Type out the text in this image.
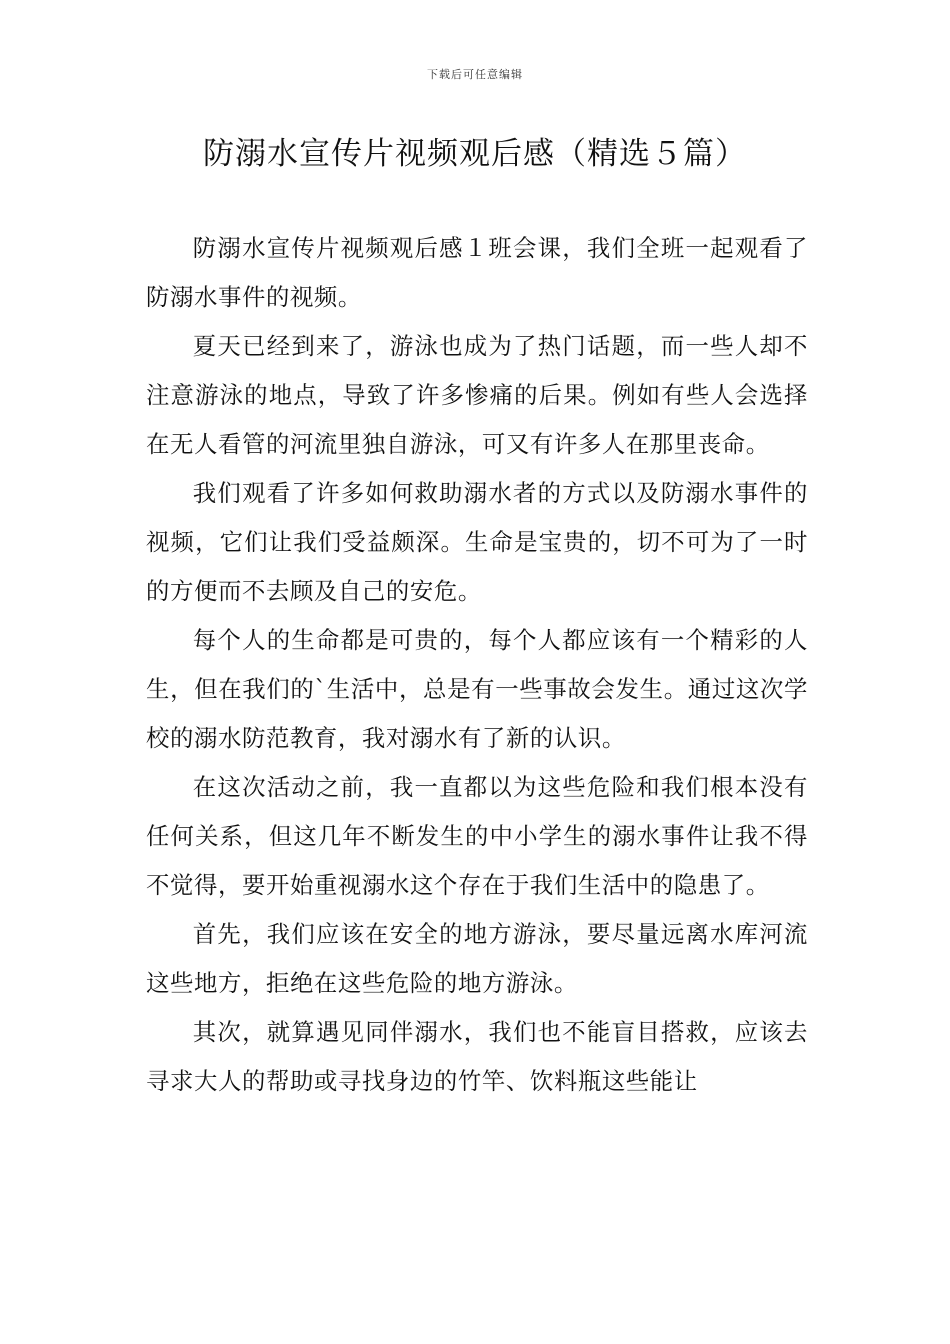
下载后可任意编辑
防溺水宣传片视频观后感（精选５篇）

防溺水宣传片视频观后感１班会课，我们全班一起观看了防溺水事件的视频。

夏天已经到来了，游泳也成为了热门话题，而一些人却不注意游泳的地点，导致了许多惨痛的后果。例如有些人会选择在无人看管的河流里独自游泳，可又有许多人在那里丧命。

我们观看了许多如何救助溺水者的方式以及防溺水事件的视频，它们让我们受益颇深。生命是宝贵的，切不可为了一时的方便而不去顾及自己的安危。

每个人的生命都是可贵的，每个人都应该有一个精彩的人生，但在我们的`生活中，总是有一些事故会发生。通过这次学校的溺水防范教育，我对溺水有了新的认识。

在这次活动之前，我一直都以为这些危险和我们根本没有任何关系，但这几年不断发生的中小学生的溺水事件让我不得不觉得，要开始重视溺水这个存在于我们生活中的隐患了。

首先，我们应该在安全的地方游泳，要尽量远离水库河流这些地方，拒绝在这些危险的地方游泳。

其次，就算遇见同伴溺水，我们也不能盲目搭救，应该去寻求大人的帮助或寻找身边的竹竿、饮料瓶这些能让
